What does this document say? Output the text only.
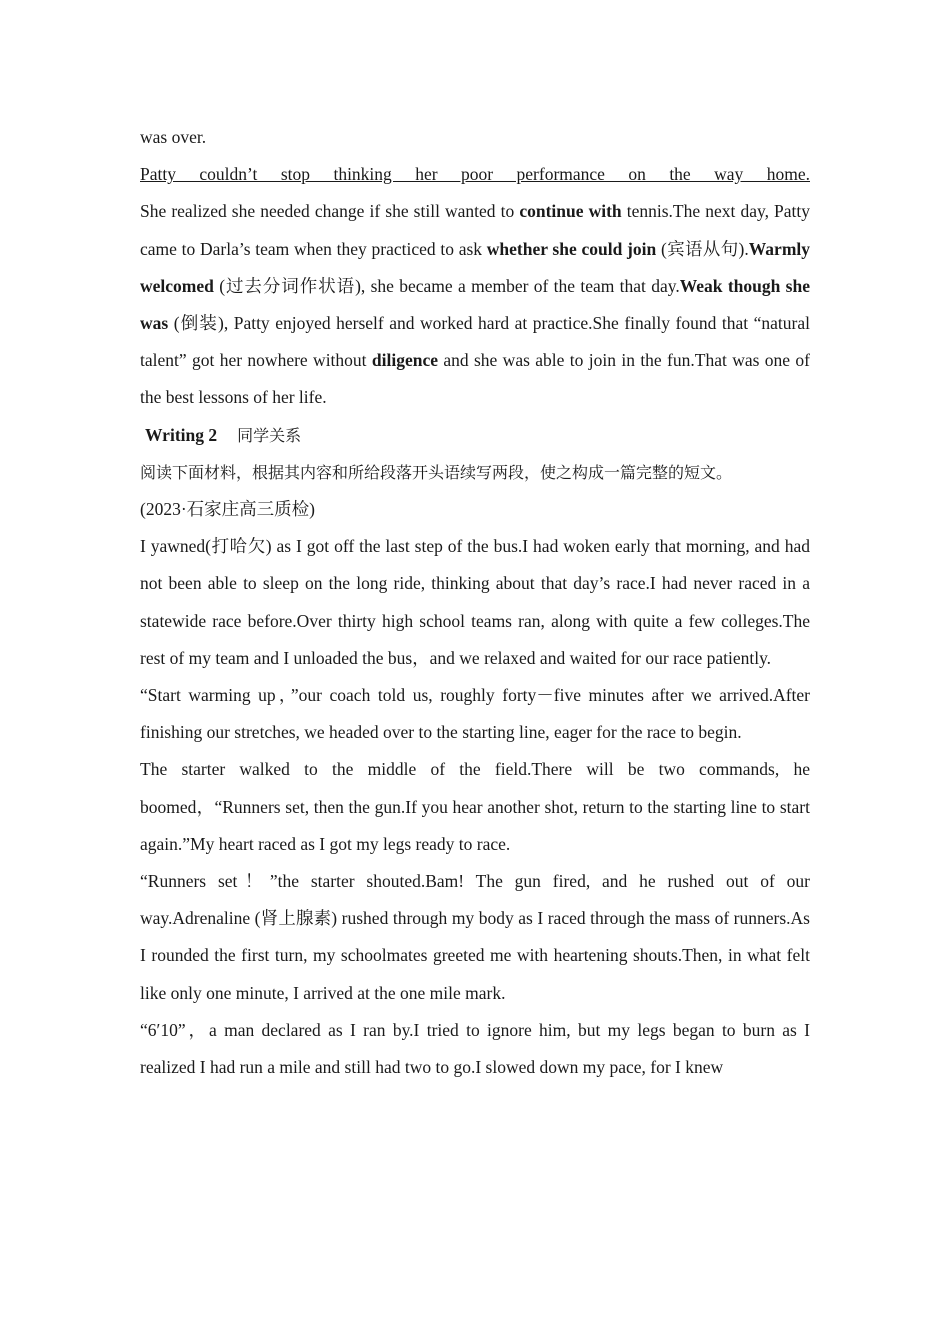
was over.

Patty couldn’t stop thinking her poor performance on the way home.

She realized she needed change if she still wanted to continue with tennis.The next day, Patty came to Darla’s team when they practiced to ask whether she could join (宾语从句).Warmly welcomed (过去分词作状语), she became a member of the team that day.Weak though she was (倒装), Patty enjoyed herself and worked hard at practice.She finally found that “natural talent” got her nowhere without diligence and she was able to join in the fun.That was one of the best lessons of her life.

Writing 2 同学关系

阅读下面材料，根据其内容和所给段落开头语续写两段，使之构成一篇完整的短文。

(2023·石家庄高三质检)

I yawned(打哈欠) as I got off the last step of the bus.I had woken early that morning, and had not been able to sleep on the long ride, thinking about that day’s race.I had never raced in a statewide race before.Over thirty high school teams ran, along with quite a few colleges.The rest of my team and I unloaded the bus，and we relaxed and waited for our race patiently.

“Start warming up，”our coach told us, roughly forty－five minutes after we arrived.After finishing our stretches, we headed over to the starting line, eager for the race to begin.

The starter walked to the middle of the field.There will be two commands, he boomed，“Runners set, then the gun.If you hear another shot, return to the starting line to start again.”My heart raced as I got my legs ready to race.

“Runners set！”the starter shouted.Bam! The gun fired, and he rushed out of our way.Adrenaline (肾上腺素) rushed through my body as I raced through the mass of runners.As I rounded the first turn, my schoolmates greeted me with heartening shouts.Then, in what felt like only one minute, I arrived at the one mile mark.

“6′10”，a man declared as I ran by.I tried to ignore him, but my legs began to burn as I realized I had run a mile and still had two to go.I slowed down my pace, for I knew
